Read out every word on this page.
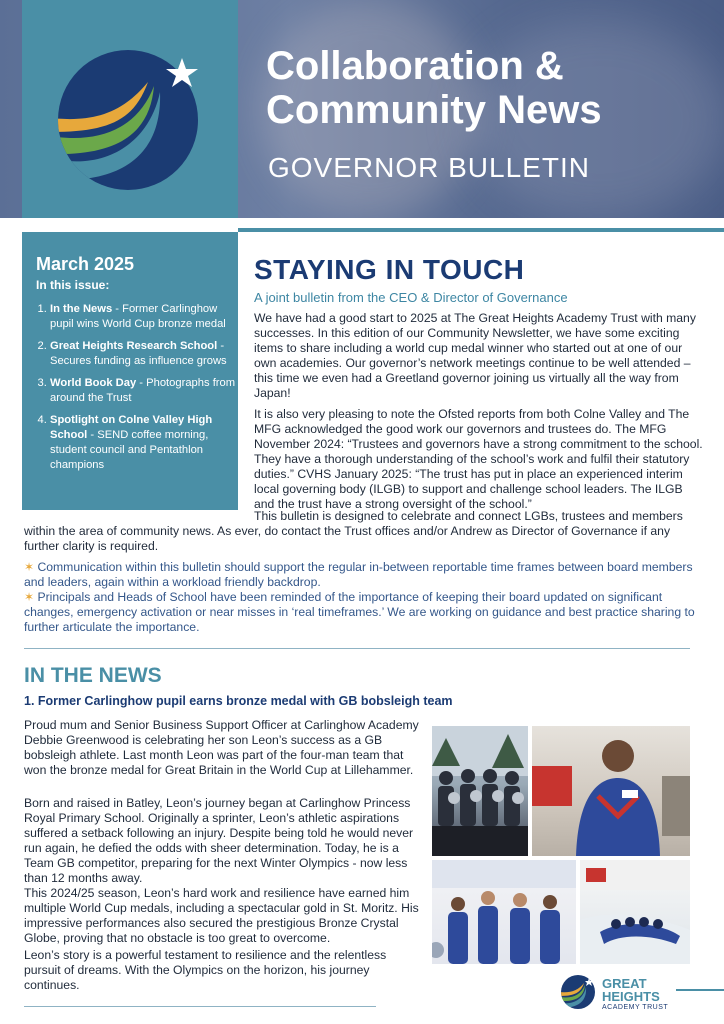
Collaboration &
Community News
GOVERNOR BULLETIN
March 2025
In this issue:
1. In the News - Former Carlinghow pupil wins World Cup bronze medal
2. Great Heights Research School - Secures funding as influence grows
3. World Book Day - Photographs from around the Trust
4. Spotlight on Colne Valley High School - SEND coffee morning, student council and Pentathlon champions
STAYING IN TOUCH
A joint bulletin from the CEO & Director of Governance

We have had a good start to 2025 at The Great Heights Academy Trust with many successes. In this edition of our Community Newsletter, we have some exciting items to share including a world cup medal winner who started out at one of our own academies. Our governor’s network meetings continue to be well attended – this time we even had a Greetland governor joining us virtually all the way from Japan!

It is also very pleasing to note the Ofsted reports from both Colne Valley and The MFG acknowledged the good work our governors and trustees do. The MFG November 2024: “Trustees and governors have a strong commitment to the school. They have a thorough understanding of the school’s work and fulfil their statutory duties.” CVHS January 2025: “The trust has put in place an experienced interim local governing body (ILGB) to support and challenge school leaders. The ILGB and the trust have a strong oversight of the school.”

This bulletin is designed to celebrate and connect LGBs, trustees and members within the area of community news. As ever, do contact the Trust offices and/or Andrew as Director of Governance if any further clarity is required.

✶ Communication within this bulletin should support the regular in-between reportable time frames between board members and leaders, again within a workload friendly backdrop.
✶ Principals and Heads of School have been reminded of the importance of keeping their board updated on significant changes, emergency activation or near misses in ‘real timeframes.’ We are working on guidance and best practice sharing to further articulate the importance.
IN THE NEWS
1. Former Carlinghow pupil earns bronze medal with GB bobsleigh team

Proud mum and Senior Business Support Officer at Carlinghow Academy Debbie Greenwood is celebrating her son Leon’s success as a GB bobsleigh athlete. Last month Leon was part of the four-man team that won the bronze medal for Great Britain in the World Cup at Lillehammer.

Born and raised in Batley, Leon’s journey began at Carlinghow Princess Royal Primary School. Originally a sprinter, Leon’s athletic aspirations suffered a setback following an injury. Despite being told he would never run again, he defied the odds with sheer determination. Today, he is a Team GB competitor, preparing for the next Winter Olympics - now less than 12 months away.

This 2024/25 season, Leon’s hard work and resilience have earned him multiple World Cup medals, including a spectacular gold in St. Moritz. His impressive performances also secured the prestigious Bronze Crystal Globe, proving that no obstacle is too great to overcome.

Leon’s story is a powerful testament to resilience and the relentless pursuit of dreams. With the Olympics on the horizon, his journey continues.	GREAT
HEIGHTS
ACADEMY TRUST
